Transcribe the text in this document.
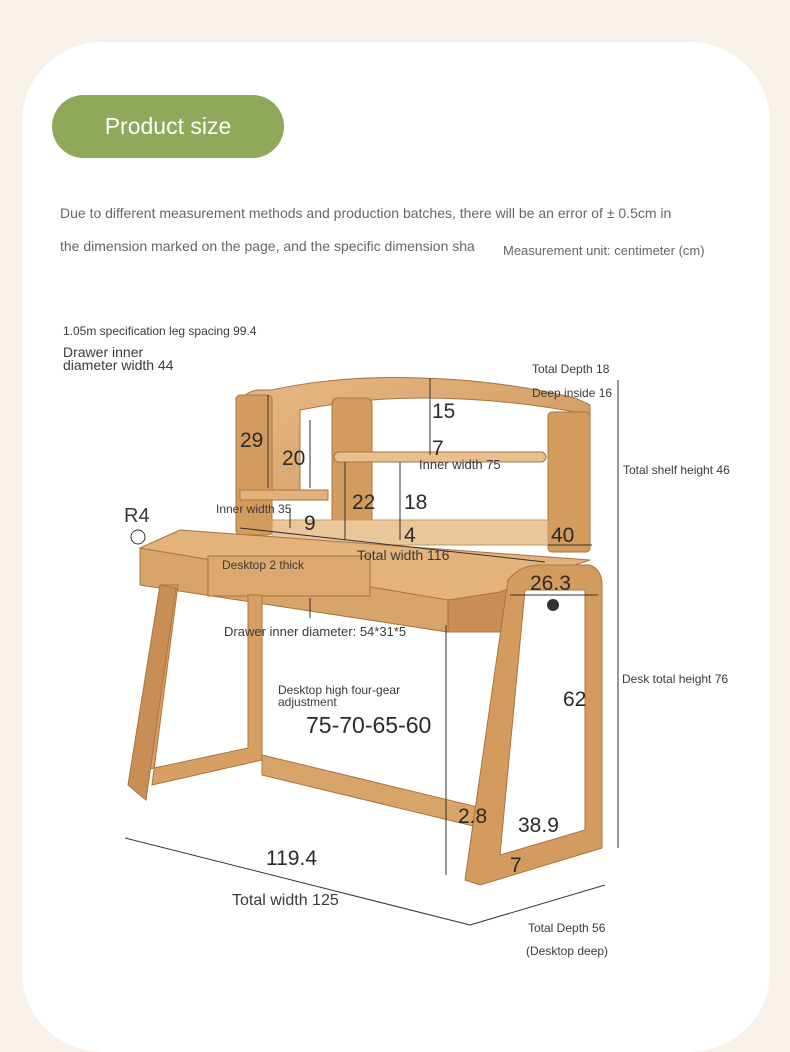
Product size
Due to different measurement methods and production batches, there will be an error of ± 0.5cm in
the dimension marked on the page, and the specific dimension sha Measurement unit: centimeter (cm)
1.05m specification leg spacing 99.4
Drawer inner
diameter width 44
R4
Total Depth 18
Deep inside 16
Total shelf height 46
Desk total height 76
15
29
20	7
Inner width 75
22 18
Inner width 35
9
4	40
Total width 116
Desktop 2 thick
26.3
Drawer inner diameter: 54*31*5
Desktop high four-gear
adjustment
75-70-65-60
62
2.8 38.9
7
119.4
Total width 125
Total Depth 56
(Desktop deep)
